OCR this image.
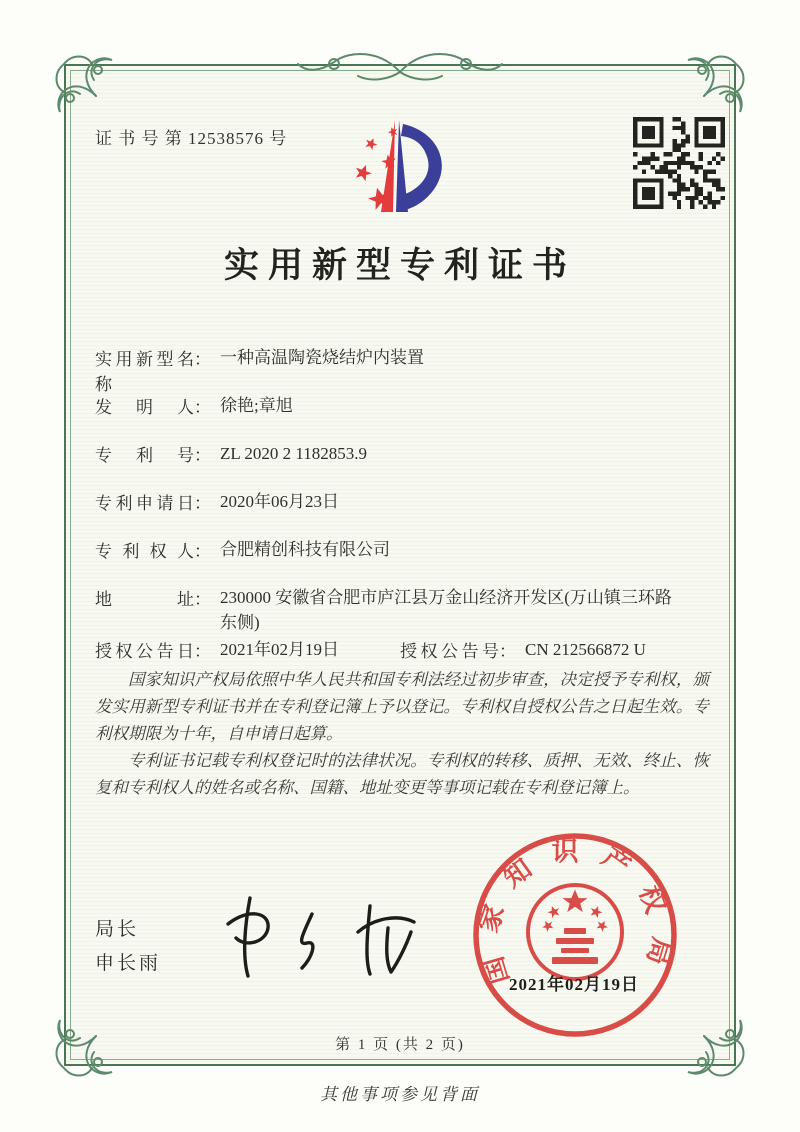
证 书 号 第 12538576 号
实用新型专利证书
实用新型名称： 一种高温陶瓷烧结炉内装置
发明人： 徐艳;章旭
专利号： ZL 2020 2 1182853.9
专利申请日： 2020年06月23日
专利权人： 合肥精创科技有限公司
地址： 230000 安徽省合肥市庐江县万金山经济开发区(万山镇三环路东侧)
授权公告日： 2021年02月19日	授权公告号： CN 212566872 U

国家知识产权局依照中华人民共和国专利法经过初步审查，决定授予专利权，颁发实用新型专利证书并在专利登记簿上予以登记。专利权自授权公告之日起生效。专利权期限为十年，自申请日起算。

专利证书记载专利权登记时的法律状况。专利权的转移、质押、无效、终止、恢复和专利权人的姓名或名称、国籍、地址变更等事项记载在专利登记簿上。

局长
申长雨	国家知识产权局
2021年02月19日
第 1 页 (共 2 页)
其他事项参见背面
